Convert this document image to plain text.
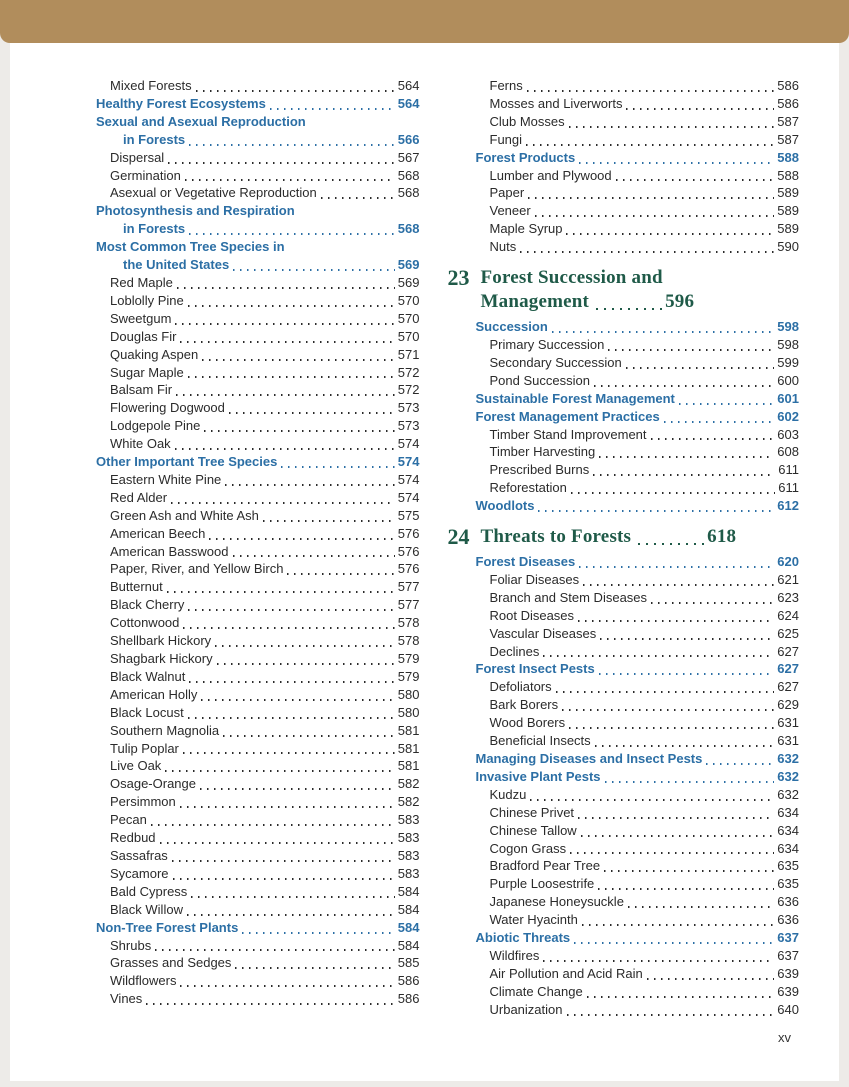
Mixed Forests	564
Healthy Forest Ecosystems	564
Sexual and Asexual Reproduction
in Forests	566
Dispersal	567
Germination	568
Asexual or Vegetative Reproduction	568
Photosynthesis and Respiration
in Forests	568
Most Common Tree Species in
the United States	569
Red Maple	569
Loblolly Pine	570
Sweetgum	570
Douglas Fir	570
Quaking Aspen	571
Sugar Maple	572
Balsam Fir	572
Flowering Dogwood	573
Lodgepole Pine	573
White Oak	574
Other Important Tree Species	574
Eastern White Pine	574
Red Alder	574
Green Ash and White Ash	575
American Beech	576
American Basswood	576
Paper, River, and Yellow Birch	576
Butternut	577
Black Cherry	577
Cottonwood	578
Shellbark Hickory	578
Shagbark Hickory	579
Black Walnut	579
American Holly	580
Black Locust	580
Southern Magnolia	581
Tulip Poplar	581
Live Oak	581
Osage-Orange	582
Persimmon	582
Pecan	583
Redbud	583
Sassafras	583
Sycamore	583
Bald Cypress	584
Black Willow	584
Non-Tree Forest Plants	584
Shrubs	584
Grasses and Sedges	585
Wildflowers	586
Vines	586
Ferns	586
Mosses and Liverworts	586
Club Mosses	587
Fungi	587
Forest Products	588
Lumber and Plywood	588
Paper	589
Veneer	589
Maple Syrup	589
Nuts	590
23 Forest Succession and
Management	596
Succession	598
Primary Succession	598
Secondary Succession	599
Pond Succession	600
Sustainable Forest Management	601
Forest Management Practices	602
Timber Stand Improvement	603
Timber Harvesting	608
Prescribed Burns	611
Reforestation	611
Woodlots	612
24 Threats to Forests	618
Forest Diseases	620
Foliar Diseases	621
Branch and Stem Diseases	623
Root Diseases	624
Vascular Diseases	625
Declines	627
Forest Insect Pests	627
Defoliators	627
Bark Borers	629
Wood Borers	631
Beneficial Insects	631
Managing Diseases and Insect Pests	632
Invasive Plant Pests	632
Kudzu	632
Chinese Privet	634
Chinese Tallow	634
Cogon Grass	634
Bradford Pear Tree	635
Purple Loosestrife	635
Japanese Honeysuckle	636
Water Hyacinth	636
Abiotic Threats	637
Wildfires	637
Air Pollution and Acid Rain	639
Climate Change	639
Urbanization	640
xv
